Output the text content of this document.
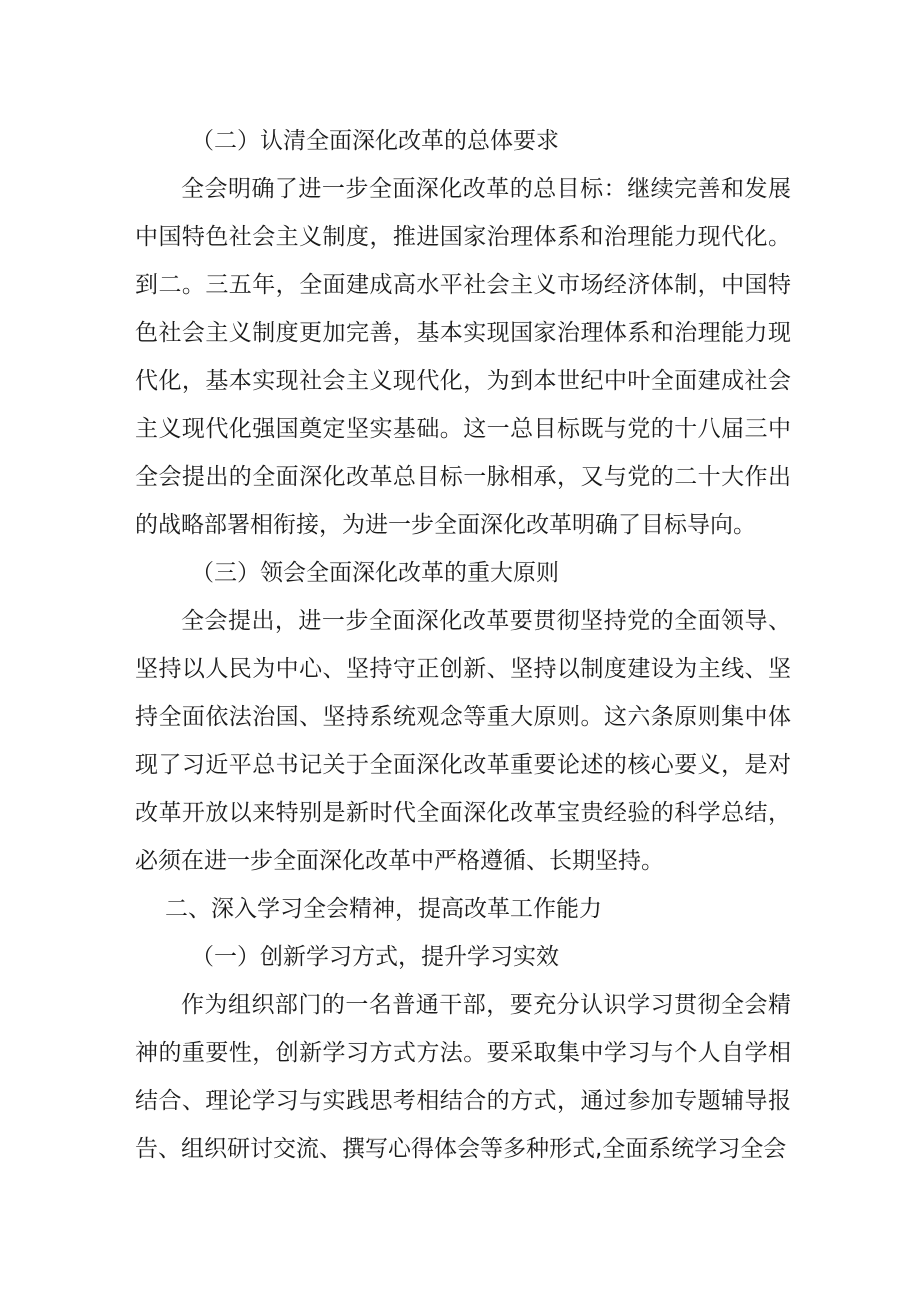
（二）认清全面深化改革的总体要求

全会明确了进一步全面深化改革的总目标：继续完善和发展中国特色社会主义制度，推进国家治理体系和治理能力现代化。到二。三五年，全面建成高水平社会主义市场经济体制，中国特色社会主义制度更加完善，基本实现国家治理体系和治理能力现代化，基本实现社会主义现代化，为到本世纪中叶全面建成社会主义现代化强国奠定坚实基础。这一总目标既与党的十八届三中全会提出的全面深化改革总目标一脉相承，又与党的二十大作出的战略部署相衔接，为进一步全面深化改革明确了目标导向。

（三）领会全面深化改革的重大原则

全会提出，进一步全面深化改革要贯彻坚持党的全面领导、坚持以人民为中心、坚持守正创新、坚持以制度建设为主线、坚持全面依法治国、坚持系统观念等重大原则。这六条原则集中体现了习近平总书记关于全面深化改革重要论述的核心要义，是对改革开放以来特别是新时代全面深化改革宝贵经验的科学总结，必须在进一步全面深化改革中严格遵循、长期坚持。

二、深入学习全会精神，提高改革工作能力

（一）创新学习方式，提升学习实效

作为组织部门的一名普通干部，要充分认识学习贯彻全会精神的重要性，创新学习方式方法。要采取集中学习与个人自学相结合、理论学习与实践思考相结合的方式，通过参加专题辅导报告、组织研讨交流、撰写心得体会等多种形式,全面系统学习全会
